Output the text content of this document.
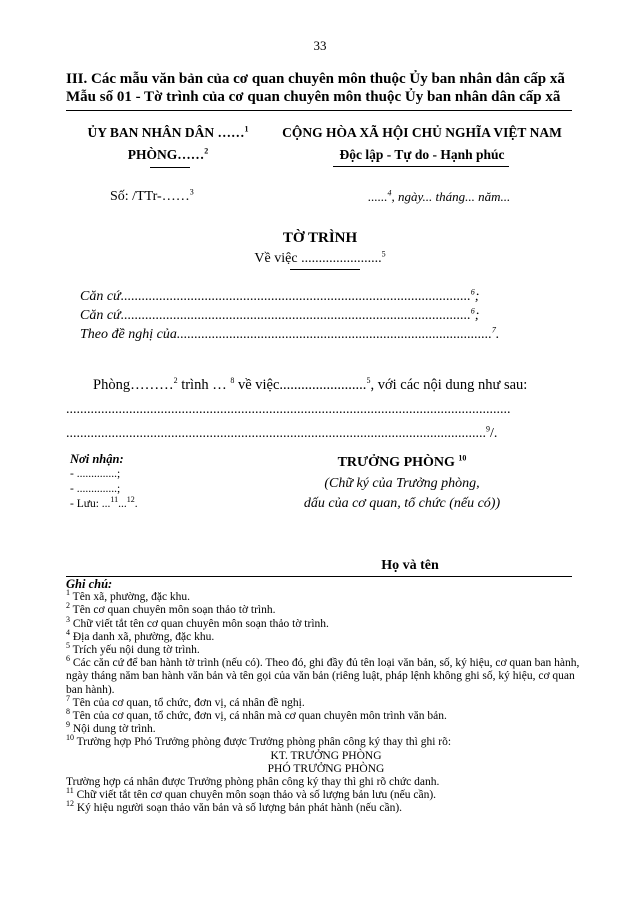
33
III. Các mẫu văn bản của cơ quan chuyên môn thuộc Ủy ban nhân dân cấp xã
Mẫu số 01 - Tờ trình của cơ quan chuyên môn thuộc Ủy ban nhân dân cấp xã
ỦY BAN NHÂN DÂN ……$^1$
PHÒNG……$^2$
CỘNG HÒA XÃ HỘI CHỦ NGHĨA VIỆT NAM
Độc lập - Tự do - Hạnh phúc
Số: /TTr-……$^3$	......$^4$, ngày... tháng... năm...
TỜ TRÌNH
Về việc .......................$^5$
Căn cứ....................................................................................................$^6$;
Căn cứ....................................................................................................$^6$;
Theo đề nghị của..........................................................................................$^7$.
Phòng………$^2$ trình … $^8$ về việc........................$^5$, với các nội dung như sau:
...............................................................................................................................
........................................................................................................................$^9$/.
Nơi nhận:
- ..............;
- ..............;
- Lưu: ...$^{11}$...$^{12}$.
TRƯỞNG PHÒNG $^{10}$
(Chữ ký của Trưởng phòng,
dấu của cơ quan, tổ chức (nếu có))
Họ và tên
Ghi chú:
$^1$ Tên xã, phường, đặc khu.
$^2$ Tên cơ quan chuyên môn soạn thảo tờ trình.
$^3$ Chữ viết tắt tên cơ quan chuyên môn soạn thảo tờ trình.
$^4$ Địa danh xã, phường, đặc khu.
$^5$ Trích yếu nội dung tờ trình.
$^6$ Các căn cứ để ban hành tờ trình (nếu có). Theo đó, ghi đầy đủ tên loại văn bản, số, ký hiệu, cơ quan ban hành, ngày tháng năm ban hành văn bản và tên gọi của văn bản (riêng luật, pháp lệnh không ghi số, ký hiệu, cơ quan ban hành).
$^7$ Tên của cơ quan, tổ chức, đơn vị, cá nhân đề nghị.
$^8$ Tên của cơ quan, tổ chức, đơn vị, cá nhân mà cơ quan chuyên môn trình văn bản.
$^9$ Nội dung tờ trình.
$^{10}$ Trường hợp Phó Trưởng phòng được Trưởng phòng phân công ký thay thì ghi rõ:
KT. TRƯỞNG PHÒNG
PHÓ TRƯỞNG PHÒNG
Trường hợp cá nhân được Trưởng phòng phân công ký thay thì ghi rõ chức danh.
$^{11}$ Chữ viết tắt tên cơ quan chuyên môn soạn thảo và số lượng bản lưu (nếu cần).
$^{12}$ Ký hiệu người soạn thảo văn bản và số lượng bản phát hành (nếu cần).
